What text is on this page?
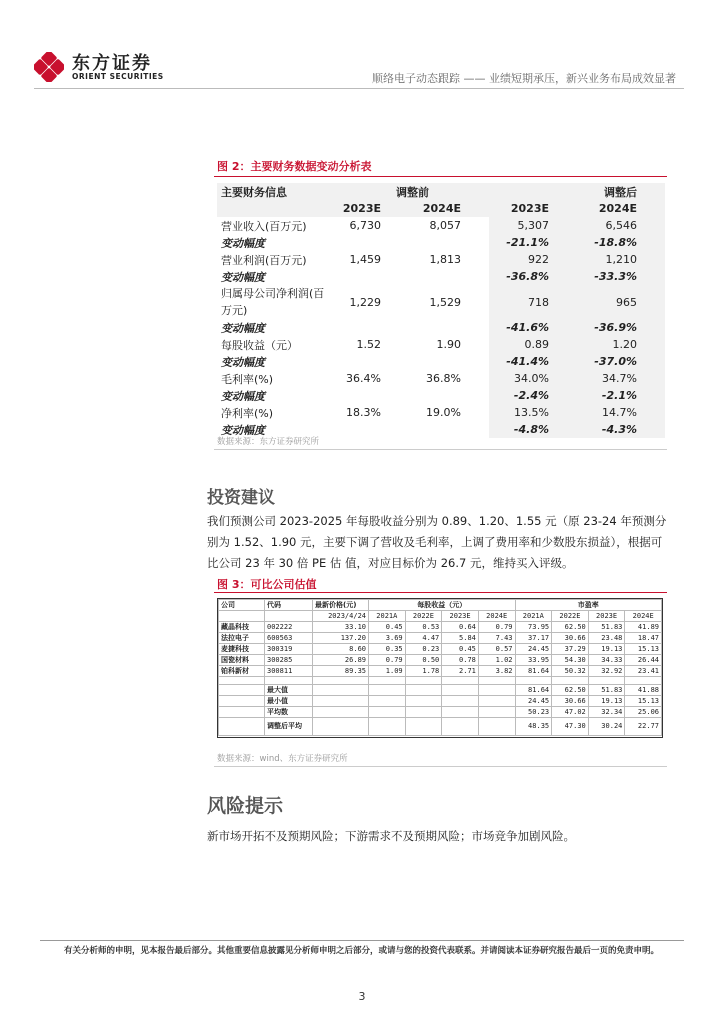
东方证券
ORIENT SECURITIES	顺络电子动态跟踪 —— 业绩短期承压，新兴业务布局成效显著
图 2：主要财务数据变动分析表
主要财务信息	调整前		调整后	
	2023E	2024E	2023E	2024E
营业收入(百万元)	6,730	8,057	5,307	6,546
变动幅度			-21.1%	-18.8%
营业利润(百万元)	1,459	1,813	922	1,210
变动幅度			-36.8%	-33.3%
归属母公司净利润(百万元)	1,229	1,529	718	965
变动幅度			-41.6%	-36.9%
每股收益（元）	1.52	1.90	0.89	1.20
变动幅度			-41.4%	-37.0%
毛利率(%)	36.4%	36.8%	34.0%	34.7%
变动幅度			-2.4%	-2.1%
净利率(%)	18.3%	19.0%	13.5%	14.7%
变动幅度			-4.8%	-4.3%
数据来源：东方证券研究所
投资建议
我们预测公司 2023-2025 年每股收益分别为 0.89、1.20、1.55 元（原 23-24 年预测分别为 1.52、1.90 元，主要下调了营收及毛利率，上调了费用率和少数股东损益），根据可比公司 23 年 30 倍 PE 估 值，对应目标价为 26.7 元，维持买入评级。
图 3：可比公司估值
公司	代码	最新价格(元)	每股收益（元）				市盈率			
		2023/4/24	2021A	2022E	2023E	2024E	2021A	2022E	2023E	2024E
藏晶科技	002222	33.10	0.45	0.53	0.64	0.79	73.95	62.50	51.83	41.89
法拉电子	600563	137.20	3.69	4.47	5.84	7.43	37.17	30.66	23.48	18.47
麦捷科技	300319	8.60	0.35	0.23	0.45	0.57	24.45	37.29	19.13	15.13
国瓷材料	300285	26.89	0.79	0.50	0.78	1.02	33.95	54.30	34.33	26.44
铂科新材	300811	89.35	1.09	1.78	2.71	3.82	81.64	50.32	32.92	23.41

	最大值						81.64	62.50	51.83	41.88
	最小值						24.45	30.66	19.13	15.13
	平均数						50.23	47.02	32.34	25.06
	调整后平均						48.35	47.30	30.24	22.77
数据来源：wind、东方证券研究所
风险提示
新市场开拓不及预期风险；下游需求不及预期风险；市场竞争加剧风险。
有关分析师的申明，见本报告最后部分。其他重要信息披露见分析师申明之后部分，或请与您的投资代表联系。并请阅读本证券研究报告最后一页的免责申明。
3
